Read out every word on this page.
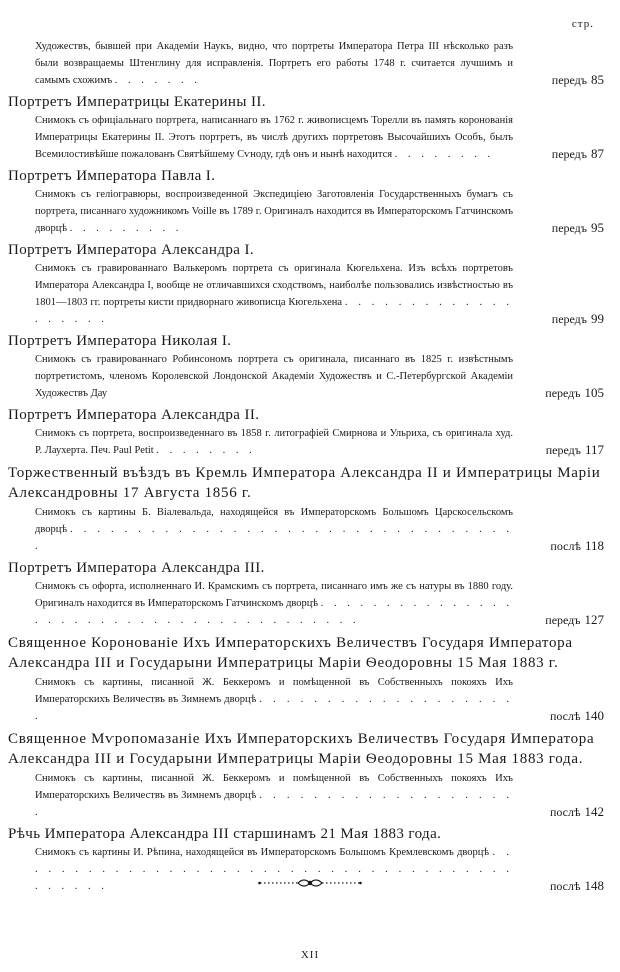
стр.
Художествъ, бывшей при Академіи Наукъ, видно, что портреты Императора Петра III нѣсколько разъ были возвращаемы Штенглину для исправленія. Портретъ его работы 1748 г. считается лучшимъ и самымъ схожимъ . . . . . . .	передъ 85
Портретъ Императрицы Екатерины II.
Снимокъ съ офиціальнаго портрета, написаннаго въ 1762 г. живописцемъ Торелли въ память коронованія Императрицы Екатерины II. Этотъ портретъ, въ числѣ другихъ портретовъ Высочайшихъ Особъ, былъ Всемилостивѣйше пожалованъ Святѣйшему Сѵноду, гдѣ онъ и нынѣ находится . . . . . . . .	передъ 87
Портретъ Императора Павла I.
Снимокъ съ геліогравюры, воспроизведенной Экспедиціею Заготовленія Государственныхъ бумагъ съ портрета, писаннаго художникомъ Voille въ 1789 г. Оригиналъ находится въ Императорскомъ Гатчинскомъ дворцѣ . . . . . . . . .	передъ 95
Портретъ Императора Александра I.
Снимокъ съ гравированнаго Валькеромъ портрета съ оригинала Кюгельхена. Изъ всѣхъ портретовъ Императора Александра I, вообще не отличавшихся сходствомъ, наиболѣе пользовались извѣстностью въ 1801—1803 гг. портреты кисти придворнаго живописца Кюгельхена . . . . . . . . . . . . . . . . . . .	передъ 99
Портретъ Императора Николая I.
Снимокъ съ гравированнаго Робинсономъ портрета съ оригинала, писаннаго въ 1825 г. извѣстнымъ портретистомъ, членомъ Королевской Лондонской Академіи Художествъ и С.-Петербургской Академіи Художествъ Дау	передъ 105
Портретъ Императора Александра II.
Снимокъ съ портрета, воспроизведеннаго въ 1858 г. литографіей Смирнова и Ульриха, съ оригинала худ. Р. Лаухерта. Печ. Paul Petit . . . . . . . .	передъ 117
Торжественный въѣздъ въ Кремль Императора Александра II и Императрицы Маріи Александровны 17 Августа 1856 г.
Снимокъ съ картины Б. Віалевальда, находящейся въ Императорскомъ Большомъ Царскосельскомъ дворцѣ . . . . . . . . . . . . . . . . . . . . . . . . . . . . . . . . . .	послѣ 118
Портретъ Императора Александра III.
Снимокъ съ офорта, исполненнаго И. Крамскимъ съ портрета, писаннаго имъ же съ натуры въ 1880 году. Оригиналъ находится въ Императорскомъ Гатчинскомъ дворцѣ . . . . . . . . . . . . . . . . . . . . . . . . . . . . . . . . . . . . . . . .	передъ 127
Священное Коронованіе Ихъ Императорскихъ Величествъ Государя Императора Александра III и Государыни Императрицы Маріи Ѳеодоровны 15 Мая 1883 г.
Снимокъ съ картины, писанной Ж. Беккеромъ и помѣщенной въ Собственныхъ покояхъ Ихъ Императорскихъ Величествъ въ Зимнемъ дворцѣ . . . . . . . . . . . . . . . . . . . .	послѣ 140
Священное Мѵропомазаніе Ихъ Императорскихъ Величествъ Государя Императора Александра III и Государыни Императрицы Маріи Ѳеодоровны 15 Мая 1883 года.
Снимокъ съ картины, писанной Ж. Беккеромъ и помѣщенной въ Собственныхъ покояхъ Ихъ Императорскихъ Величествъ въ Зимнемъ дворцѣ . . . . . . . . . . . . . . . . . . . .	послѣ 142
Рѣчь Императора Александра III старшинамъ 21 Мая 1883 года.
Снимокъ съ картины И. Рѣпина, находящейся въ Императорскомъ Большомъ Кремлевскомъ дворцѣ . . . . . . . . . . . . . . . . . . . . . . . . . . . . . . . . . . . . . . . . . . . .	послѣ 148
XII
